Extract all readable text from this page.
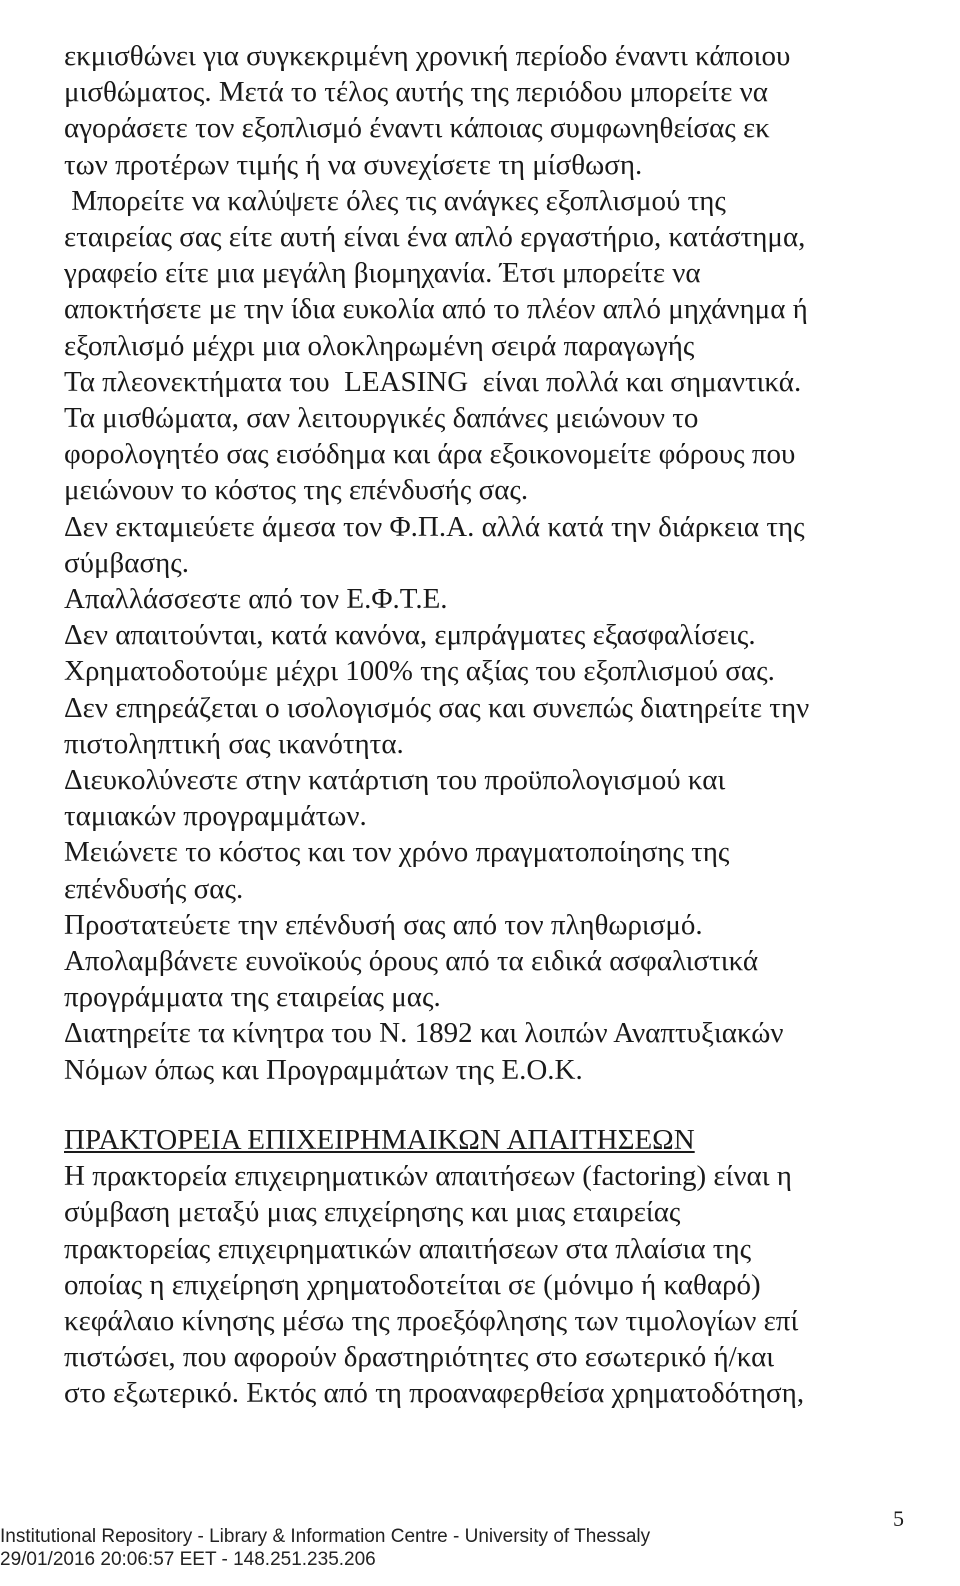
εκμισθώνει για συγκεκριμένη χρονική περίοδο έναντι κάποιου
μισθώματος. Μετά το τέλος αυτής της περιόδου μπορείτε να
αγοράσετε τον εξοπλισμό έναντι κάποιας συμφωνηθείσας εκ
των προτέρων τιμής ή να συνεχίσετε τη μίσθωση.
Μπορείτε να καλύψετε όλες τις ανάγκες εξοπλισμού της
εταιρείας σας είτε αυτή είναι ένα απλό εργαστήριο, κατάστημα,
γραφείο είτε μια μεγάλη βιομηχανία. Έτσι μπορείτε να
αποκτήσετε με την ίδια ευκολία από το πλέον απλό μηχάνημα ή
εξοπλισμό μέχρι μια ολοκληρωμένη σειρά παραγωγής
Τα πλεονεκτήματα του  LEASING  είναι πολλά και σημαντικά.
Τα μισθώματα, σαν λειτουργικές δαπάνες μειώνουν το
φορολογητέο σας εισόδημα και άρα εξοικονομείτε φόρους που
μειώνουν το κόστος της επένδυσής σας.
Δεν εκταμιεύετε άμεσα τον Φ.Π.Α. αλλά κατά την διάρκεια της
σύμβασης.
Απαλλάσσεστε από τον Ε.Φ.Τ.Ε.
Δεν απαιτούνται, κατά κανόνα, εμπράγματες εξασφαλίσεις.
Χρηματοδοτούμε μέχρι 100% της αξίας του εξοπλισμού σας.
Δεν επηρεάζεται ο ισολογισμός σας και συνεπώς διατηρείτε την
πιστοληπτική σας ικανότητα.
Διευκολύνεστε στην κατάρτιση του προϋπολογισμού και
ταμιακών προγραμμάτων.
Μειώνετε το κόστος και τον χρόνο πραγματοποίησης της
επένδυσής σας.
Προστατεύετε την επένδυσή σας από τον πληθωρισμό.
Απολαμβάνετε ευνοϊκούς όρους από τα ειδικά ασφαλιστικά
προγράμματα της εταιρείας μας.
Διατηρείτε τα κίνητρα του Ν. 1892 και λοιπών Αναπτυξιακών
Νόμων όπως και Προγραμμάτων της Ε.Ο.Κ.
ΠΡΑΚΤΟΡΕΙΑ ΕΠΙΧΕΙΡΗΜΑΙΚΩΝ ΑΠΑΙΤΗΣΕΩΝ
Η πρακτορεία επιχειρηματικών απαιτήσεων (factoring) είναι η
σύμβαση μεταξύ μιας επιχείρησης και μιας εταιρείας
πρακτορείας επιχειρηματικών απαιτήσεων στα πλαίσια της
οποίας η επιχείρηση χρηματοδοτείται σε (μόνιμο ή καθαρό)
κεφάλαιο κίνησης μέσω της προεξόφλησης των τιμολογίων επί
πιστώσει, που αφορούν δραστηριότητες στο εσωτερικό ή/και
στο εξωτερικό. Εκτός από τη προαναφερθείσα χρηματοδότηση,
5
Institutional Repository - Library & Information Centre - University of Thessaly
29/01/2016 20:06:57 EET - 148.251.235.206
